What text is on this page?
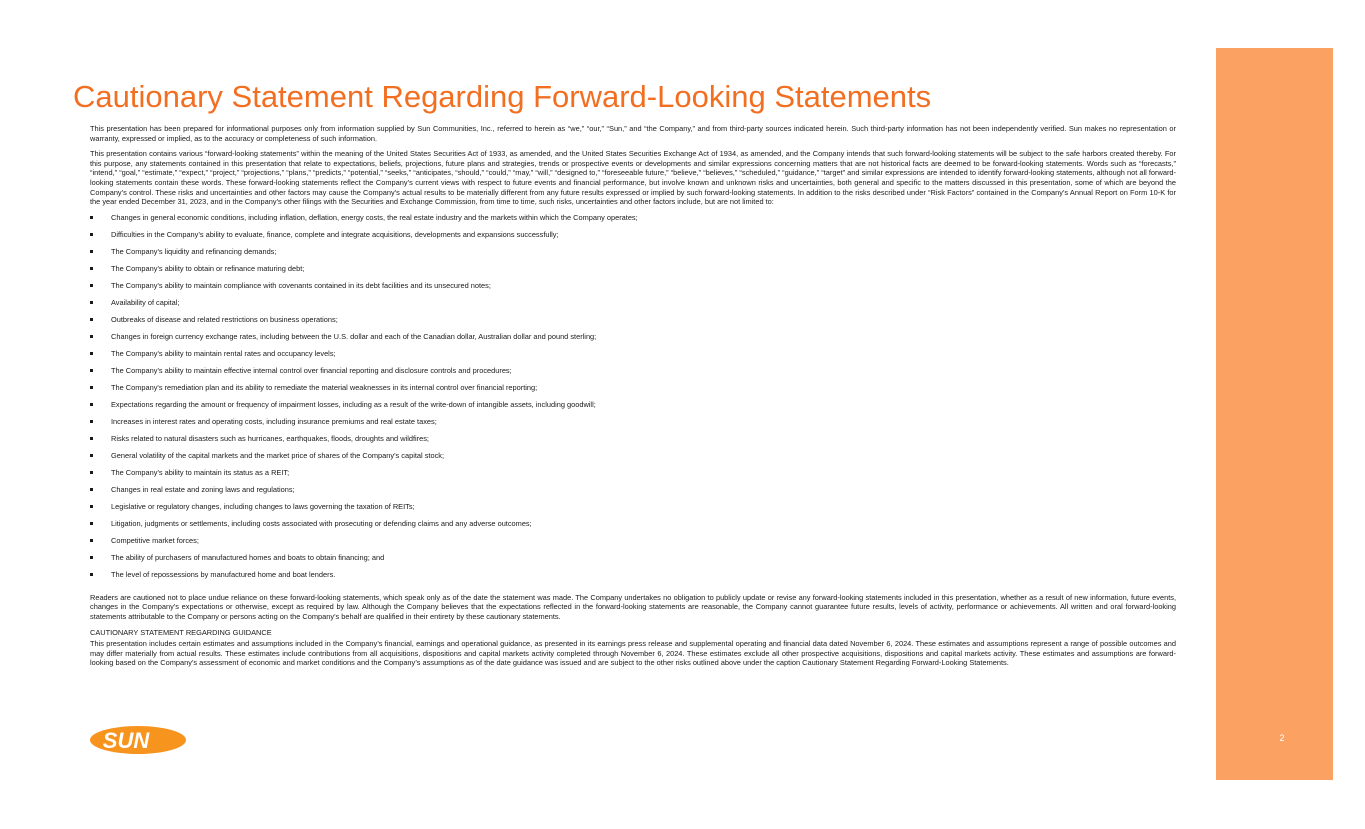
2
Cautionary Statement Regarding Forward-Looking Statements

This presentation has been prepared for informational purposes only from information supplied by Sun Communities, Inc., referred to herein as “we,” “our,” “Sun,” and “the Company,” and from third-party sources indicated herein. Such third-party information has not been independently verified. Sun makes no representation or warranty, expressed or implied, as to the accuracy or completeness of such information.

This presentation contains various “forward-looking statements” within the meaning of the United States Securities Act of 1933, as amended, and the United States Securities Exchange Act of 1934, as amended, and the Company intends that such forward-looking statements will be subject to the safe harbors created thereby. For this purpose, any statements contained in this presentation that relate to expectations, beliefs, projections, future plans and strategies, trends or prospective events or developments and similar expressions concerning matters that are not historical facts are deemed to be forward-looking statements. Words such as “forecasts,” “intend,” “goal,” “estimate,” “expect,” “project,” “projections,” “plans,” “predicts,” “potential,” “seeks,” “anticipates, “should,” “could,” “may,” “will,” “designed to,” “foreseeable future,” “believe,” “believes,” “scheduled,” “guidance,” “target” and similar expressions are intended to identify forward-looking statements, although not all forward-looking statements contain these words. These forward-looking statements reflect the Company’s current views with respect to future events and financial performance, but involve known and unknown risks and uncertainties, both general and specific to the matters discussed in this presentation, some of which are beyond the Company’s control. These risks and uncertainties and other factors may cause the Company’s actual results to be materially different from any future results expressed or implied by such forward-looking statements. In addition to the risks described under “Risk Factors” contained in the Company’s Annual Report on Form 10-K for the year ended December 31, 2023, and in the Company’s other filings with the Securities and Exchange Commission, from time to time, such risks, uncertainties and other factors include, but are not limited to:

Changes in general economic conditions, including inflation, deflation, energy costs, the real estate industry and the markets within which the Company operates;
Difficulties in the Company’s ability to evaluate, finance, complete and integrate acquisitions, developments and expansions successfully;
The Company’s liquidity and refinancing demands;
The Company’s ability to obtain or refinance maturing debt;
The Company’s ability to maintain compliance with covenants contained in its debt facilities and its unsecured notes;
Availability of capital;
Outbreaks of disease and related restrictions on business operations;
Changes in foreign currency exchange rates, including between the U.S. dollar and each of the Canadian dollar, Australian dollar and pound sterling;
The Company’s ability to maintain rental rates and occupancy levels;
The Company’s ability to maintain effective internal control over financial reporting and disclosure controls and procedures;
The Company's remediation plan and its ability to remediate the material weaknesses in its internal control over financial reporting;
Expectations regarding the amount or frequency of impairment losses, including as a result of the write-down of intangible assets, including goodwill;
Increases in interest rates and operating costs, including insurance premiums and real estate taxes;
Risks related to natural disasters such as hurricanes, earthquakes, floods, droughts and wildfires;
General volatility of the capital markets and the market price of shares of the Company’s capital stock;
The Company’s ability to maintain its status as a REIT;
Changes in real estate and zoning laws and regulations;
Legislative or regulatory changes, including changes to laws governing the taxation of REITs;
Litigation, judgments or settlements, including costs associated with prosecuting or defending claims and any adverse outcomes;
Competitive market forces;
The ability of purchasers of manufactured homes and boats to obtain financing; and
The level of repossessions by manufactured home and boat lenders.

Readers are cautioned not to place undue reliance on these forward-looking statements, which speak only as of the date the statement was made. The Company undertakes no obligation to publicly update or revise any forward-looking statements included in this presentation, whether as a result of new information, future events, changes in the Company’s expectations or otherwise, except as required by law. Although the Company believes that the expectations reflected in the forward-looking statements are reasonable, the Company cannot guarantee future results, levels of activity, performance or achievements. All written and oral forward-looking statements attributable to the Company or persons acting on the Company’s behalf are qualified in their entirety by these cautionary statements.

CAUTIONARY STATEMENT REGARDING GUIDANCE

This presentation includes certain estimates and assumptions included in the Company’s financial, earnings and operational guidance, as presented in its earnings press release and supplemental operating and financial data dated November 6, 2024. These estimates and assumptions represent a range of possible outcomes and may differ materially from actual results. These estimates include contributions from all acquisitions, dispositions and capital markets activity completed through November 6, 2024. These estimates exclude all other prospective acquisitions, dispositions and capital markets activity. These estimates and assumptions are forward-looking based on the Company’s assessment of economic and market conditions and the Company’s assumptions as of the date guidance was issued and are subject to the other risks outlined above under the caption Cautionary Statement Regarding Forward-Looking Statements.

SUN
